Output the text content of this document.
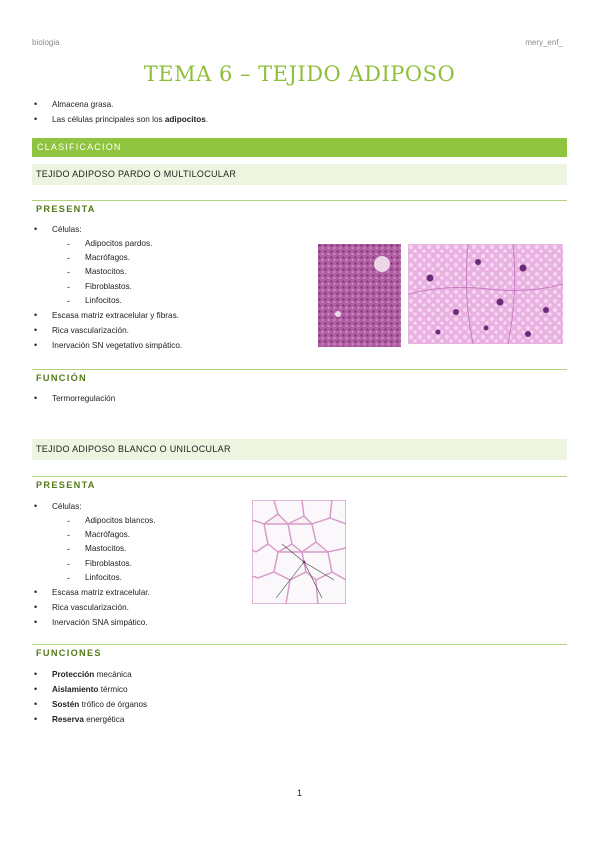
biologia	mery_enf_
TEMA 6 – TEJIDO ADIPOSO
• Almacena grasa.
• Las células principales son los adipocitos.
CLASIFICACION
TEJIDO ADIPOSO PARDO O MULTILOCULAR
PRESENTA
• Células:
- Adipocitos pardos.
- Macrófagos.
- Mastocitos.
- Fibroblastos.
- Linfocitos.
• Escasa matriz extracelular y fibras.
• Rica vascularización.
• Inervación SN vegetativo simpático.
FUNCIÓN
• Termorregulación
TEJIDO ADIPOSO BLANCO O UNILOCULAR
PRESENTA
• Células:
- Adipocitos blancos.
- Macrófagos.
- Mastocitos.
- Fibroblastos.
- Linfocitos.
• Escasa matriz extracelular.
• Rica vascularización.
• Inervación SNA simpático.
FUNCIONES
• Protección mecánica
• Aislamiento térmico
• Sostén trófico de órganos
• Reserva energética
1
